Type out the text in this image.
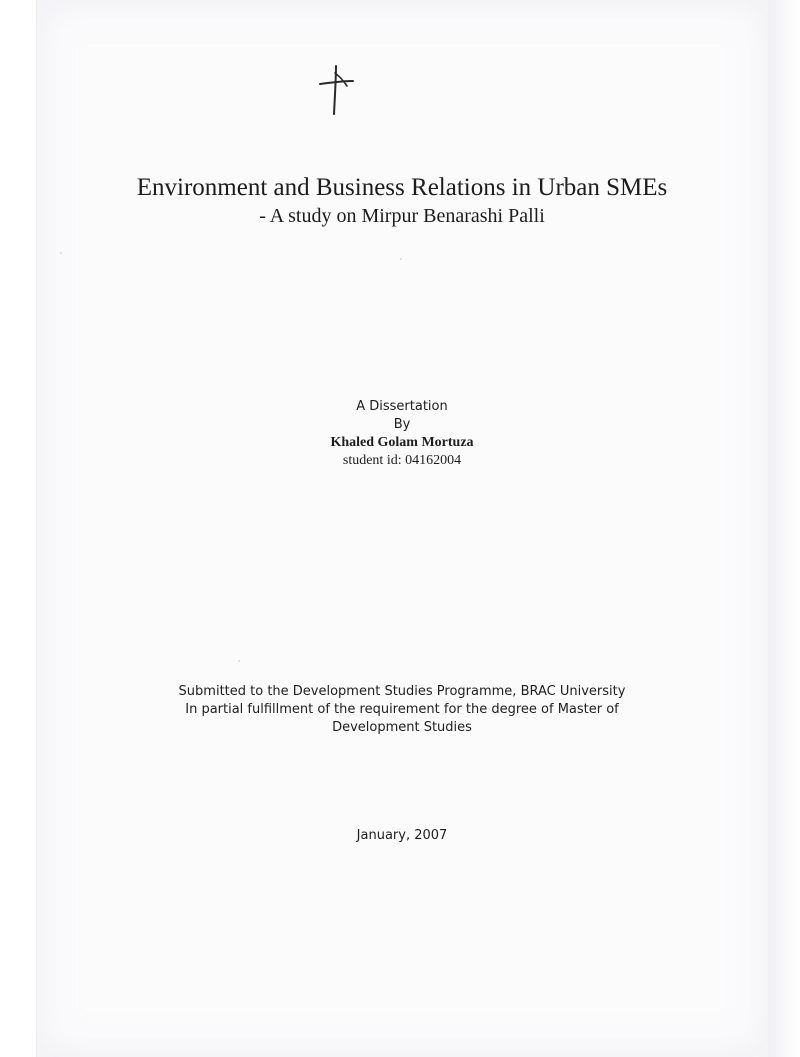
Environment and Business Relations in Urban SMEs
- A study on Mirpur Benarashi Palli
A Dissertation
By
Khaled Golam Mortuza
student id: 04162004
Submitted to the Development Studies Programme, BRAC University
In partial fulfillment of the requirement for the degree of Master of
Development Studies
January, 2007
